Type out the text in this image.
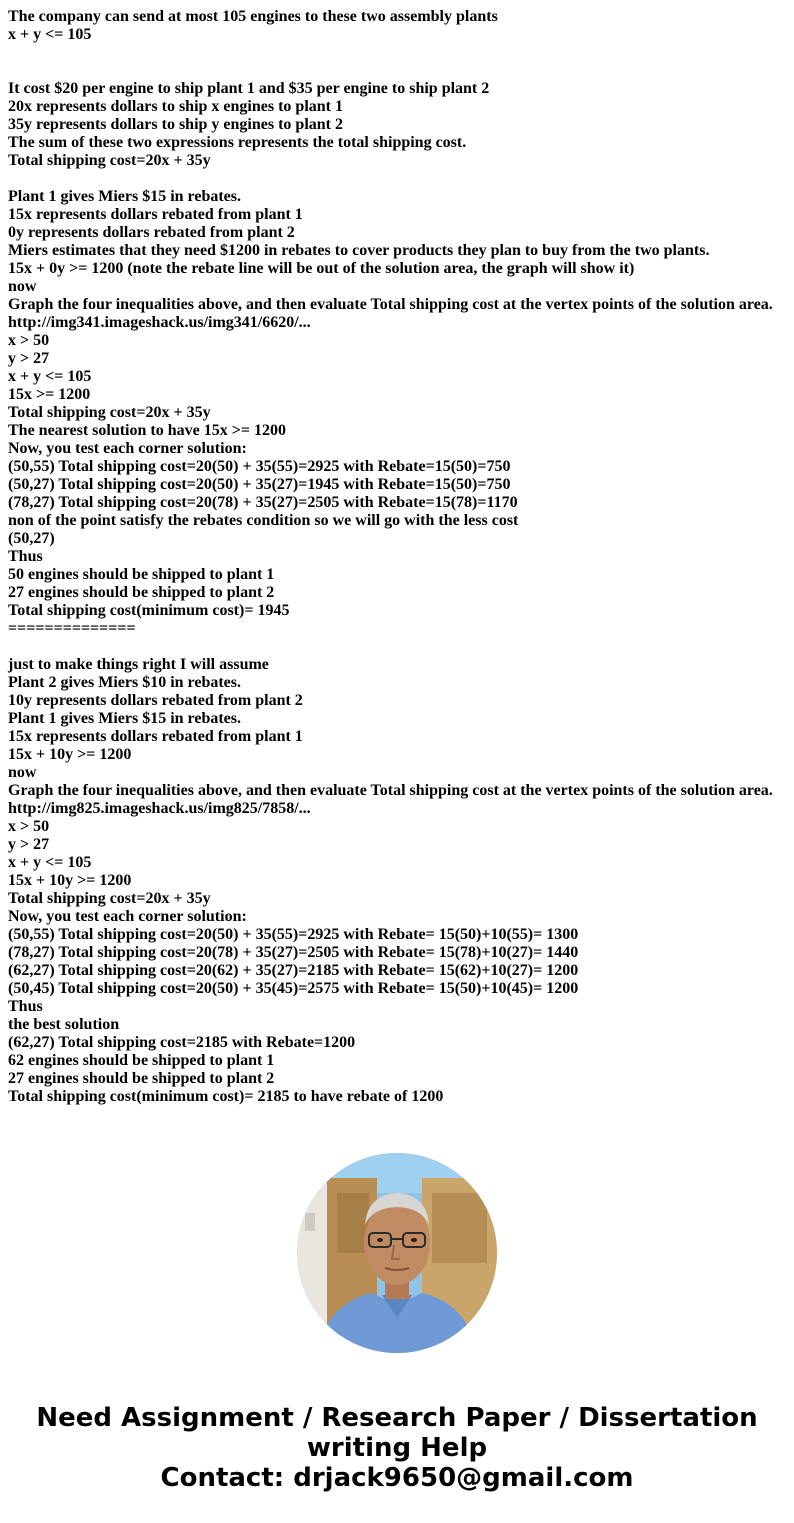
The company can send at most 105 engines to these two assembly plants
x + y <= 105
It cost $20 per engine to ship plant 1 and $35 per engine to ship plant 2
20x represents dollars to ship x engines to plant 1
35y represents dollars to ship y engines to plant 2
The sum of these two expressions represents the total shipping cost.
Total shipping cost=20x + 35y
Plant 1 gives Miers $15 in rebates.
15x represents dollars rebated from plant 1
0y represents dollars rebated from plant 2
Miers estimates that they need $1200 in rebates to cover products they plan to buy from the two plants.
15x + 0y >= 1200 (note the rebate line will be out of the solution area, the graph will show it)
now
Graph the four inequalities above, and then evaluate Total shipping cost at the vertex points of the solution area.
http://img341.imageshack.us/img341/6620/...
x > 50
y > 27
x + y <= 105
15x >= 1200
Total shipping cost=20x + 35y
The nearest solution to have 15x >= 1200
Now, you test each corner solution:
(50,55) Total shipping cost=20(50) + 35(55)=2925 with Rebate=15(50)=750
(50,27) Total shipping cost=20(50) + 35(27)=1945 with Rebate=15(50)=750
(78,27) Total shipping cost=20(78) + 35(27)=2505 with Rebate=15(78)=1170
non of the point satisfy the rebates condition so we will go with the less cost
(50,27)
Thus
50 engines should be shipped to plant 1
27 engines should be shipped to plant 2
Total shipping cost(minimum cost)= 1945
==============
just to make things right I will assume
Plant 2 gives Miers $10 in rebates.
10y represents dollars rebated from plant 2
Plant 1 gives Miers $15 in rebates.
15x represents dollars rebated from plant 1
15x + 10y >= 1200
now
Graph the four inequalities above, and then evaluate Total shipping cost at the vertex points of the solution area.
http://img825.imageshack.us/img825/7858/...
x > 50
y > 27
x + y <= 105
15x + 10y >= 1200
Total shipping cost=20x + 35y
Now, you test each corner solution:
(50,55) Total shipping cost=20(50) + 35(55)=2925 with Rebate= 15(50)+10(55)= 1300
(78,27) Total shipping cost=20(78) + 35(27)=2505 with Rebate= 15(78)+10(27)= 1440
(62,27) Total shipping cost=20(62) + 35(27)=2185 with Rebate= 15(62)+10(27)= 1200
(50,45) Total shipping cost=20(50) + 35(45)=2575 with Rebate= 15(50)+10(45)= 1200
Thus
the best solution
(62,27) Total shipping cost=2185 with Rebate=1200
62 engines should be shipped to plant 1
27 engines should be shipped to plant 2
Total shipping cost(minimum cost)= 2185 to have rebate of 1200
Need Assignment / Research Paper / Dissertation
writing Help
Contact: drjack9650@gmail.com
